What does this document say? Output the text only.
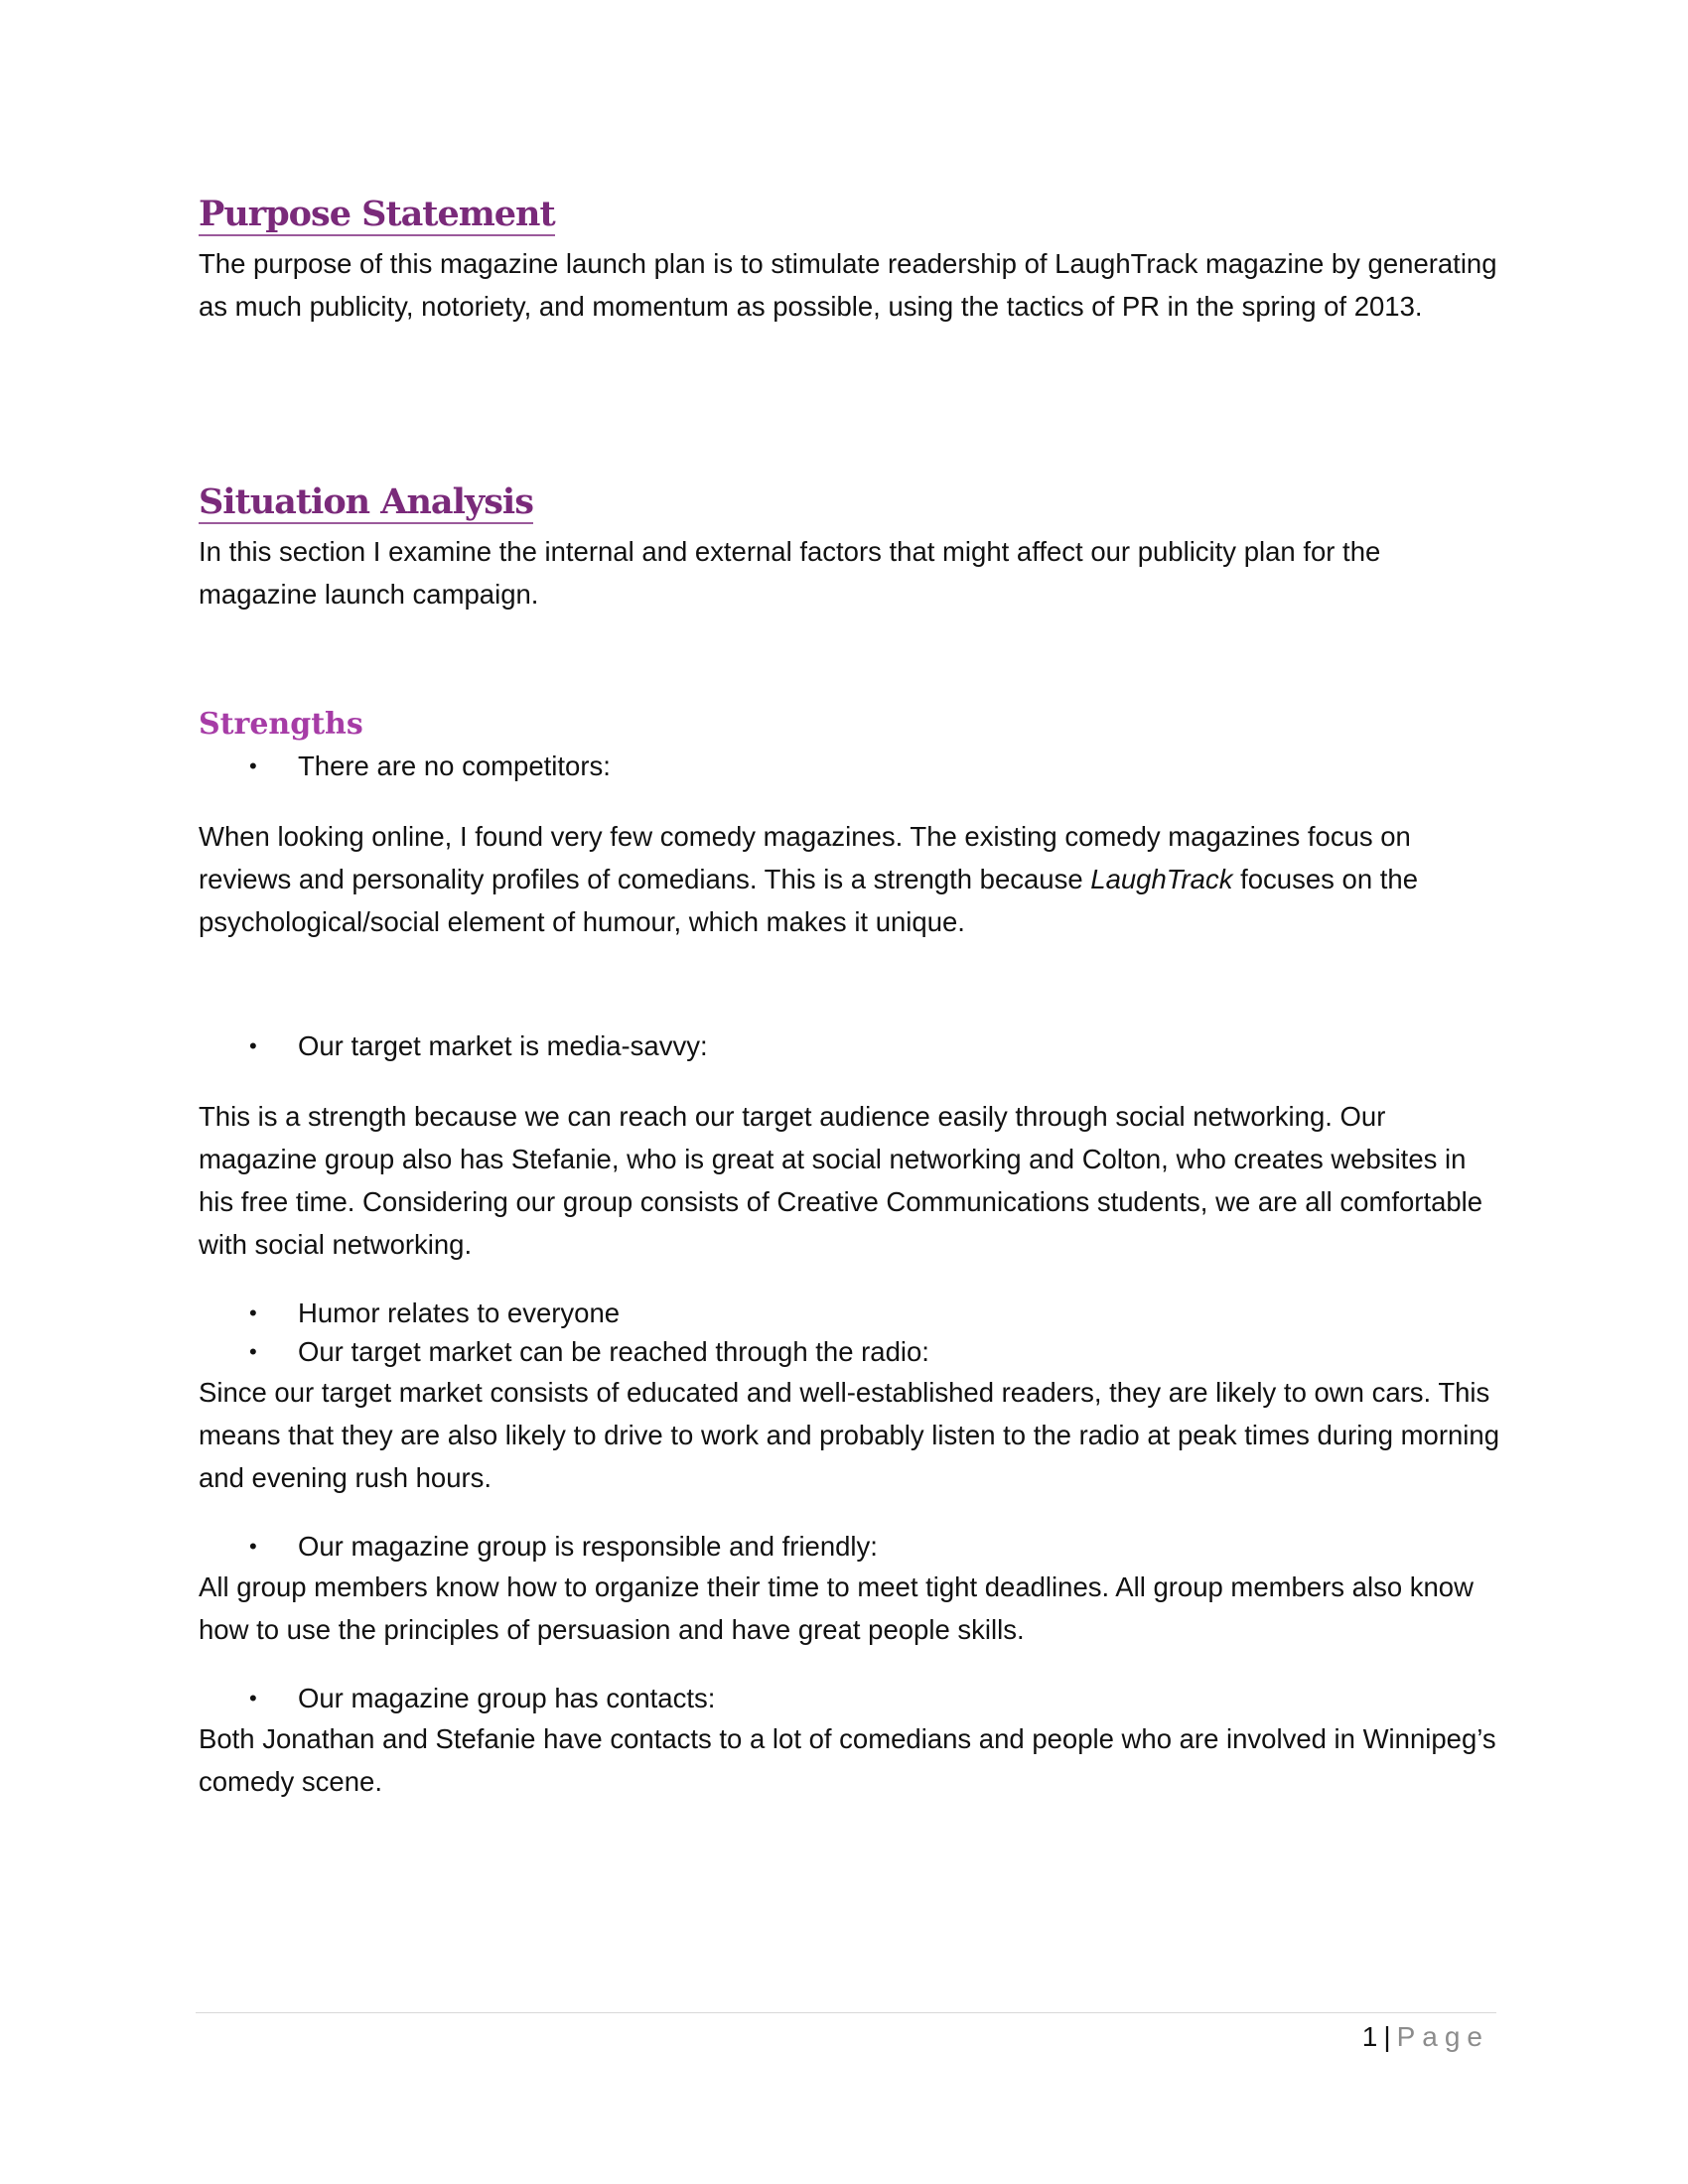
Purpose Statement

The purpose of this magazine launch plan is to stimulate readership of LaughTrack magazine by generating as much publicity, notoriety, and momentum as possible, using the tactics of PR in the spring of 2013.

Situation Analysis

In this section I examine the internal and external factors that might affect our publicity plan for the magazine launch campaign.

Strengths

• There are no competitors:

When looking online, I found very few comedy magazines. The existing comedy magazines focus on reviews and personality profiles of comedians. This is a strength because LaughTrack focuses on the psychological/social element of humour, which makes it unique.

• Our target market is media-savvy:

This is a strength because we can reach our target audience easily through social networking. Our magazine group also has Stefanie, who is great at social networking and Colton, who creates websites in his free time. Considering our group consists of Creative Communications students, we are all comfortable with social networking.

• Humor relates to everyone

• Our target market can be reached through the radio:

Since our target market consists of educated and well-established readers, they are likely to own cars. This means that they are also likely to drive to work and probably listen to the radio at peak times during morning and evening rush hours.

• Our magazine group is responsible and friendly:

All group members know how to organize their time to meet tight deadlines. All group members also know how to use the principles of persuasion and have great people skills.

• Our magazine group has contacts:

Both Jonathan and Stefanie have contacts to a lot of comedians and people who are involved in Winnipeg’s comedy scene.

1 | Page
